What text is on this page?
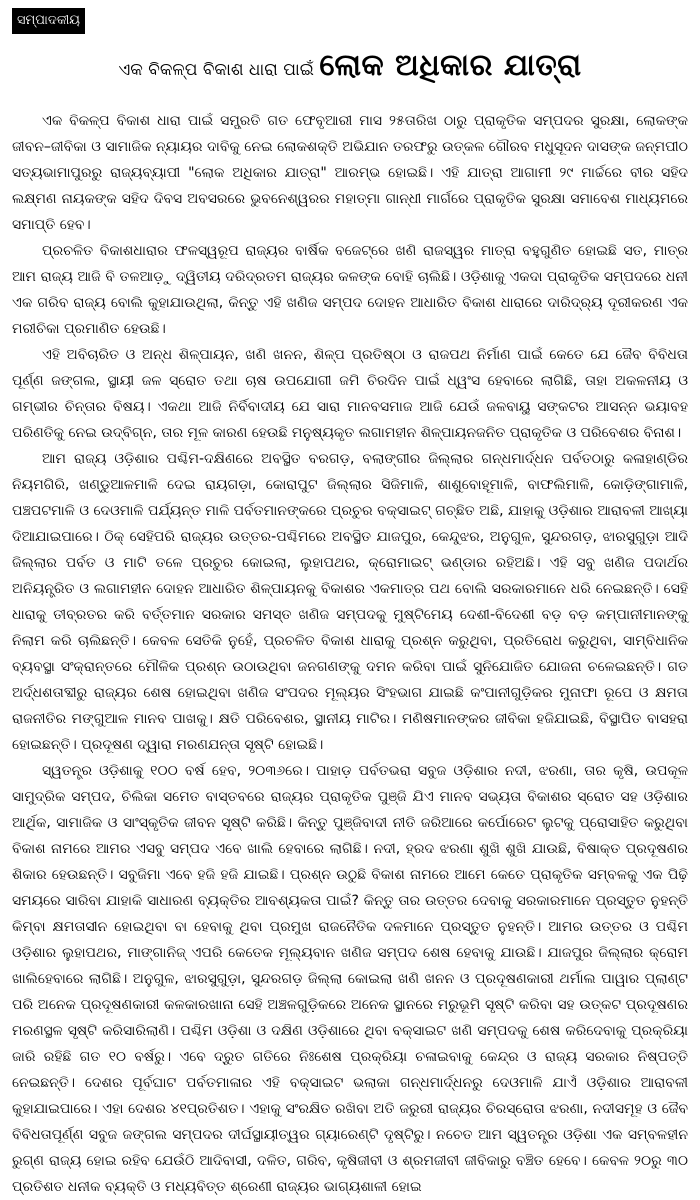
ସମ୍ପାଦକୀୟ
ଏକ ବିକଳ୍ପ ବିକାଶ ଧାରା ପାଇଁ ଲୋକ ଅଧିକାର ଯାତ୍ରା

ଏକ ବିକଳ୍ପ ବିକାଶ ଧାରା ପାଇଁ ସମ୍ପ୍ରତି ଗତ ଫେବୃଆରୀ ମାସ ୨୫ତାରିଖ ଠାରୁ ପ୍ରାକୃତିକ ସମ୍ପଦର ସୁରକ୍ଷା, ଲୋକଙ୍କ ଜୀବନ–ଜୀବିକା ଓ ସାମାଜିକ ନ୍ୟାୟର ଦାବିକୁ ନେଇ ଲୋକଶକ୍ତି ଅଭିଯାନ ତରଫରୁ ଉତ୍କଳ ଗୌରବ ମଧୁସୂଦନ ଦାସଙ୍କ ଜନ୍ମପୀଠ ସତ୍ୟଭାମାପୁରରୁ ରାଜ୍ୟବ୍ୟାପୀ "ଲୋକ ଅଧିକାର ଯାତ୍ରା" ଆରମ୍ଭ ହୋଇଛି। ଏହି ଯାତ୍ରା ଆଗାମୀ ୨୯ ମାର୍ଚ୍ଚରେ ବୀର ସହିଦ ଲକ୍ଷ୍ମଣ ନାୟକଙ୍କ ସହିଦ ଦିବସ ଅବସରରେ ଭୁବନେଶ୍ୱରର ମହାତ୍ମା ଗାନ୍ଧୀ ମାର୍ଗରେ ପ୍ରାକୃତିକ ସୁରକ୍ଷା ସମାବେଶ ମାଧ୍ୟମରେ ସମାପ୍ତି ହେବ।

ପ୍ରଚଳିତ ବିକାଶଧାରାର ଫଳସ୍ୱରୂପ ରାଜ୍ୟର ବାର୍ଷିକ ବଜେଟ୍‌ରେ ଖଣି ରାଜସ୍ୱର ମାତ୍ରା ବହୁଗୁଣିତ ହୋଇଛି ସତ, ମାତ୍ର ଆମ ରାଜ୍ୟ ଆଜି ବି ତଳଆଡ଼ୁ ଦ୍ୱିତୀୟ ଦରିଦ୍ରତମ ରାଜ୍ୟର କଳଙ୍କ ବୋହି ଚାଲିଛି। ଓଡ଼ିଶାକୁ ଏକଦା ପ୍ରାକୃତିକ ସମ୍ପଦରେ ଧନୀ ଏକ ଗରିବ ରାଜ୍ୟ ବୋଲି କୁହାଯାଉଥିଲା, କିନ୍ତୁ ଏହି ଖଣିଜ ସମ୍ପଦ ଦୋହନ ଆଧାରିତ ବିକାଶ ଧାରାରେ ଦାରିଦ୍ର୍ୟ ଦୂରୀକରଣ ଏକ ମରୀଚିକା ପ୍ରମାଣିତ ହେଉଛି।

ଏହି ଅବିଚାରିତ ଓ ଅନ୍ଧ ଶିଳ୍ପାୟନ, ଖଣି ଖନନ, ଶିଳ୍ପ ପ୍ରତିଷ୍ଠା ଓ ରାଜପଥ ନିର୍ମାଣ ପାଇଁ କେତେ ଯେ ଜୈବ ବିବିଧତା ପୂର୍ଣ୍ଣ ଜଙ୍ଗଲ, ସ୍ଥାୟୀ ଜଳ ସ୍ରୋତ ତଥା ଚାଷ ଉପଯୋଗୀ ଜମି ଚିରଦିନ ପାଇଁ ଧ୍ୱଂସ ହେବାରେ ଲାଗିଛି, ତାହା ଅକଳନୀୟ ଓ ଗମ୍ଭୀର ଚିନ୍ତାର ବିଷୟ। ଏକଥା ଆଜି ନିର୍ବିବାଦୀୟ ଯେ ସାରା ମାନବସମାଜ ଆଜି ଯେଉଁ ଜଳବାୟୁ ସଙ୍କଟର ଆସନ୍ନ ଭୟାବହ ପରିଣତିକୁ ନେଇ ଉଦ୍‌ବିଗ୍ନ, ତାର ମୂଳ କାରଣ ହେଉଛି ମନୁଷ୍ୟକୃତ ଲଗାମହୀନ ଶିଳ୍ପାୟନଜନିତ ପ୍ରାକୃତିକ ଓ ପରିବେଶର ବିନାଶ।

ଆମ ରାଜ୍ୟ ଓଡ଼ିଶାର ପଶ୍ଚିମ-ଦକ୍ଷିଣରେ ଅବସ୍ଥିତ ବରଗଡ଼, ବଲାଙ୍ଗୀର ଜିଲ୍ଲାର ଗନ୍ଧମାର୍ଦ୍ଧନ ପର୍ବତଠାରୁ କଳାହାଣ୍ଡିର ନିୟମଗିରି, ଖଣ୍ଡୁଆଳମାଳି ଦେଇ ରାୟଗଡ଼ା, କୋରାପୁଟ ଜିଲ୍ଲାର ସିଜିମାଳି, ଶାଶୁବୋହୂମାଳି, ବାଫଲିମାଳି, କୋଡ଼ିଙ୍ଗାମାଳି, ପଞ୍ଚପଟମାଳି ଓ ଦେଓମାଳି ପର୍ଯ୍ୟନ୍ତ ମାଳି ପର୍ବତମାନଙ୍କରେ ପ୍ରଚୁର ବକ୍ସାଇଟ୍ ଗଚ୍ଛିତ ଅଛି, ଯାହାକୁ ଓଡ଼ିଶାର ଆରାବଳୀ ଆଖ୍ୟା ଦିଆଯାଇପାରେ। ଠିକ୍ ସେହିପରି ରାଜ୍ୟର ଉତ୍ତର-ପଶ୍ଚିମରେ ଅବସ୍ଥିତ ଯାଜପୁର, କେନ୍ଦୁଝର, ଅନୁଗୁଳ, ସୁନ୍ଦରଗଡ଼, ଝାରସୁଗୁଡ଼ା ଆଦି ଜିଲ୍ଲାର ପର୍ବତ ଓ ମାଟି ତଳେ ପ୍ରଚୁର କୋଇଲା, ଲୁହାପଥର, କ୍ରୋମାଇଟ୍ ଭଣ୍ଡାର ରହିଅଛି। ଏହି ସବୁ ଖଣିଜ ପଦାର୍ଥର ଅନିୟନ୍ତ୍ରିତ ଓ ଲଗାମହୀନ ଦୋହନ ଆଧାରିତ ଶିଳ୍ପାୟନକୁ ବିକାଶର ଏକମାତ୍ର ପଥ ବୋଲି ସରକାରମାନେ ଧରି ନେଇଛନ୍ତି। ସେହି ଧାରାକୁ ତୀବ୍ରତର କରି ବର୍ତ୍ତମାନ ସରକାର ସମସ୍ତ ଖଣିଜ ସମ୍ପଦକୁ ମୁଷ୍ଟିମେୟ ଦେଶୀ-ବିଦେଶୀ ବଡ଼ ବଡ଼ କମ୍ପାନୀମାନଙ୍କୁ ନିଲାମ କରି ଚାଲିଛନ୍ତି। କେବଳ ସେତିକି ନୁହେଁ, ପ୍ରଚଳିତ ବିକାଶ ଧାରାକୁ ପ୍ରଶ୍ନ କରୁଥିବା, ପ୍ରତିରୋଧ କରୁଥିବା, ସାମ୍ବିଧାନିକ ବ୍ୟବସ୍ଥା ସଂକ୍ରାନ୍ତରେ ମୌଳିକ ପ୍ରଶ୍ନ ଉଠାଉଥିବା ଜନଗଣଙ୍କୁ ଦମନ କରିବା ପାଇଁ ସୁନିଯୋଜିତ ଯୋଜନା ଚଳେଇଛନ୍ତି। ଗତ ଅର୍ଦ୍ଧଶତାବ୍ଦୀରୁ ରାଜ୍ୟର ଶେଷ ହୋଇଥିବା ଖଣିଜ ସଂପଦର ମୂଲ୍ୟର ସିଂହଭାଗ ଯାଇଛି କଂପାନୀଗୁଡ଼ିକର ମୁନାଫା ରୂପେ ଓ କ୍ଷମତା ରାଜନୀତିର ମଙ୍ଗୁଆଳ ମାନବ ପାଖକୁ। କ୍ଷତି ପରିବେଶର, ସ୍ଥାନୀୟ ମାଟିର। ମଣିଷମାନଙ୍କର ଜୀବିକା ହଜିଯାଇଛି, ବିସ୍ଥାପିତ ବାସହରା ହୋଇଛନ୍ତି। ପ୍ରଦୂଷଣ ଦ୍ୱାରା ମରଣଯନ୍ତା ସୃଷ୍ଟି ହୋଇଛି।

ସ୍ୱତନ୍ତ୍ର ଓଡ଼ିଶାକୁ ୧୦୦ ବର୍ଷ ହେବ, ୨୦୩୬ରେ। ପାହାଡ଼ ପର୍ବତଭରା ସବୁଜ ଓଡ଼ିଶାର ନଦୀ, ଝରଣା, ତାର କୃଷି, ଉପକୂଳ ସାମୁଦ୍ରିକ ସମ୍ପଦ, ଚିଲିକା ସମେତ ବାସ୍ତବରେ ରାଜ୍ୟର ପ୍ରାକୃତିକ ପୁଞ୍ଜି ଯିଏ ମାନବ ସଭ୍ୟତା ବିକାଶର ସ୍ରୋତ ସହ ଓଡ଼ିଶାର ଆର୍ଥିକ, ସାମାଜିକ ଓ ସାଂସ୍କୃତିକ ଜୀବନ ସୃଷ୍ଟି କରିଛି। କିନ୍ତୁ ପୁଞ୍ଜିବାଦୀ ନୀତି ଜରିଆରେ କର୍ପୋରେଟ ଲୁଟକୁ ପ୍ରୋସାହିତ କରୁଥିବା ବିକାଶ ନାମରେ ଆମର ଏସବୁ ସମ୍ପଦ ଏବେ ଖାଲି ହେବାରେ ଲାଗିଛି। ନଦୀ, ହ୍ରଦ ଝରଣା ଶୁଖି ଶୁଖି ଯାଉଛି, ବିଷାକ୍ତ ପ୍ରଦୂଷଣର ଶିକାର ହେଉଛନ୍ତି। ସବୁଜିମା ଏବେ ହଜି ହଜି ଯାଇଛି। ପ୍ରଶ୍ନ ଉଠୁଛି ବିକାଶ ନାମରେ ଆମେ କେତେ ପ୍ରାକୃତିକ ସମ୍ବଳକୁ ଏକ ପିଢ଼ି ସମୟରେ ସାରିବା ଯାହାକି ସାଧାରଣ ବ୍ୟକ୍ତିର ଆବଶ୍ୟକତା ପାଇଁ? କିନ୍ତୁ ତାର ଉତ୍ତର ଦେବାକୁ ସରକାରମାନେ ପ୍ରସ୍ତୁତ ନୁହନ୍ତି କିମ୍ବା କ୍ଷମତାସୀନ ହୋଇଥିବା ବା ହେବାକୁ ଥିବା ପ୍ରମୁଖ ରାଜନୈତିକ ଦଳମାନେ ପ୍ରସ୍ତୁତ ନୁହନ୍ତି। ଆମର ଉତ୍ତର ଓ ପଶ୍ଚିମ ଓଡ଼ିଶାର ଲୁହାପଥର, ମାଙ୍ଗାନିଜ୍ ଏପରି କେତେକ ମୂଲ୍ୟବାନ ଖଣିଜ ସମ୍ପଦ ଶେଷ ହେବାକୁ ଯାଉଛି। ଯାଜପୁର ଜିଲ୍ଲାର କ୍ରୋମ ଖାଲିହେବାରେ ଲାଗିଛି। ଅନୁଗୁଳ, ଝାରସୁଗୁଡ଼ା, ସୁନ୍ଦରଗଡ଼ ଜିଲ୍ଲା କୋଇଲା ଖଣି ଖନନ ଓ ପ୍ରଦୂଷଣକାରୀ ଥର୍ମାଲ ପାୱାର ପ୍ଲାଣ୍ଟ ପରି ଅନେକ ପ୍ରଦୂଷଣକାରୀ କଳକାରଖାନା ସେହି ଅଞ୍ଚଳଗୁଡ଼ିକରେ ଅନେକ ସ୍ଥାନରେ ମରୁଭୂମି ସୃଷ୍ଟି କରିବା ସହ ଉତ୍କଟ ପ୍ରଦୂଷଣର ମରଣସ୍ଥଳ ସୃଷ୍ଟି କରିସାରିଲାଣି। ପଶ୍ଚିମ ଓଡ଼ିଶା ଓ ଦକ୍ଷିଣ ଓଡ଼ିଶାରେ ଥିବା ବକ୍ସାଇଟ ଖଣି ସମ୍ପଦକୁ ଶେଷ କରିଦେବାକୁ ପ୍ରକ୍ରିୟା ଜାରି ରହିଛି ଗତ ୧୦ ବର୍ଷରୁ। ଏବେ ଦ୍ରୁତ ଗତିରେ ନିଃଶେଷ ପ୍ରକ୍ରିୟା ଚଳାଇବାକୁ କେନ୍ଦ୍ର ଓ ରାଜ୍ୟ ସରକାର ନିଷ୍ପତ୍ତି ନେଇଛନ୍ତି। ଦେଶର ପୂର୍ବଘାଟ ପର୍ବତମାଳାର ଏହି ବକ୍ସାଇଟ ଭଲାକା ଗନ୍ଧମାର୍ଦ୍ଧନରୁ ଦେଓମାଳି ଯାଏଁ ଓଡ଼ିଶାର ଆରାବଳୀ କୁହାଯାଇପାରେ। ଏହା ଦେଶର ୪୧ପ୍ରତିଶତ। ଏହାକୁ ସଂରକ୍ଷିତ ରଖିବା ଅତି ଜରୁରୀ ରାଜ୍ୟର ଚିରସ୍ରୋତା ଝରଣା, ନଦୀସମୂହ ଓ ଜୈବ ବିବିଧତାପୂର୍ଣ୍ଣ ସବୁଜ ଜଙ୍ଗଲ ସମ୍ପଦର ଦୀର୍ଘସ୍ଥାୟୀତ୍ୱର ଗ୍ୟାରେଣ୍ଟି ଦୃଷ୍ଟିରୁ। ନଚେତ ଆମ ସ୍ୱତନ୍ତ୍ର ଓଡ଼ିଶା ଏକ ସମ୍ବଳହୀନ ରୁଗ୍ଣ ରାଜ୍ୟ ହୋଇ ରହିବ ଯେଉଁଠି ଆଦିବାସୀ, ଦଳିତ, ଗରିବ, କୃଷିଜୀବୀ ଓ ଶ୍ରମଜୀବୀ ଜୀବିକାରୁ ବଞ୍ଚିତ ହେବେ। କେବଳ ୨୦ରୁ ୩୦ ପ୍ରତିଶତ ଧନୀକ ବ୍ୟକ୍ତି ଓ ମଧ୍ୟବିତ୍ତ ଶ୍ରେଣୀ ରାଜ୍ୟର ଭାଗ୍ୟଶାଳୀ ହୋଇ
